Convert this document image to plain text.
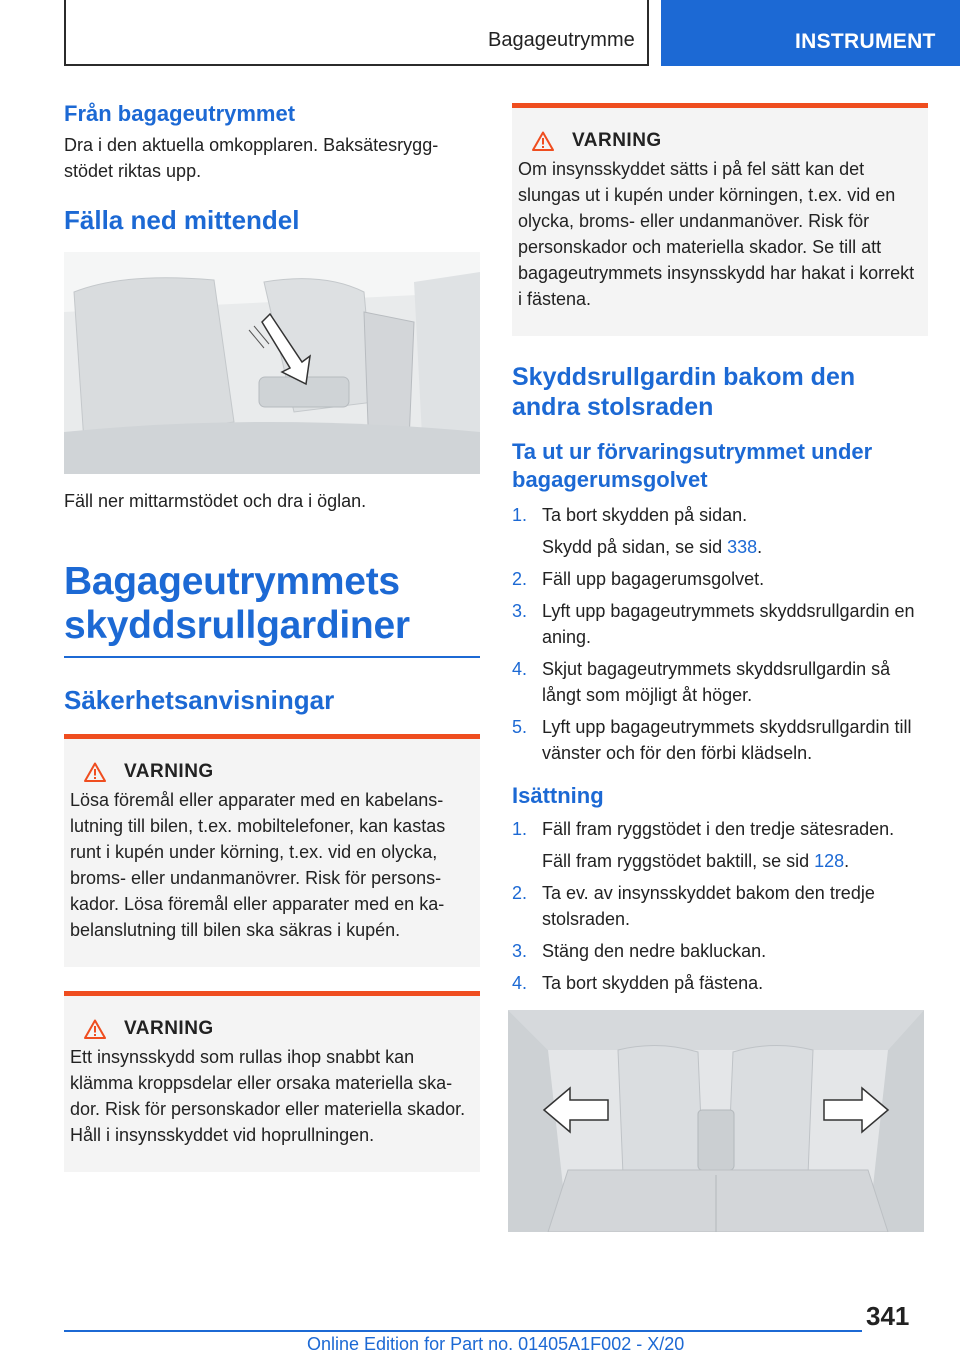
Bagageutrymme	INSTRUMENT
Från bagageutrymmet
Dra i den aktuella omkopplaren. Baksätesryggstödet riktas upp.
Fälla ned mittendel
Fäll ner mittarmstödet och dra i öglan.
Bagageutrymmets skyddsrullgardiner
Säkerhetsanvisningar
VARNING
Lösa föremål eller apparater med en kabelanslutning till bilen, t.ex. mobiltelefoner, kan kastas runt i kupén under körning, t.ex. vid en olycka, broms- eller undanmanövrer. Risk för personskador. Lösa föremål eller apparater med en kabelanslutning till bilen ska säkras i kupén.
VARNING
Ett insynsskydd som rullas ihop snabbt kan klämma kroppsdelar eller orsaka materiella skador. Risk för personskador eller materiella skador. Håll i insynsskyddet vid hoprullningen.
VARNING
Om insynsskyddet sätts i på fel sätt kan det slungas ut i kupén under körningen, t.ex. vid en olycka, broms- eller undanmanöver. Risk för personskador och materiella skador. Se till att bagageutrymmets insynsskydd har hakat i korrekt i fästena.
Skyddsrullgardin bakom den andra stolsraden
Ta ut ur förvaringsutrymmet under bagagerumsgolvet
1. Ta bort skydden på sidan.
Skydd på sidan, se sid 338.
2. Fäll upp bagagerumsgolvet.
3. Lyft upp bagageutrymmets skyddsrullgardin en aning.
4. Skjut bagageutrymmets skyddsrullgardin så långt som möjligt åt höger.
5. Lyft upp bagageutrymmets skyddsrullgardin till vänster och för den förbi klädseln.
Isättning
1. Fäll fram ryggstödet i den tredje sätesraden.
Fäll fram ryggstödet baktill, se sid 128.
2. Ta ev. av insynsskyddet bakom den tredje stolsraden.
3. Stäng den nedre bakluckan.
4. Ta bort skydden på fästena.
341
Online Edition for Part no. 01405A1F002 - X/20
